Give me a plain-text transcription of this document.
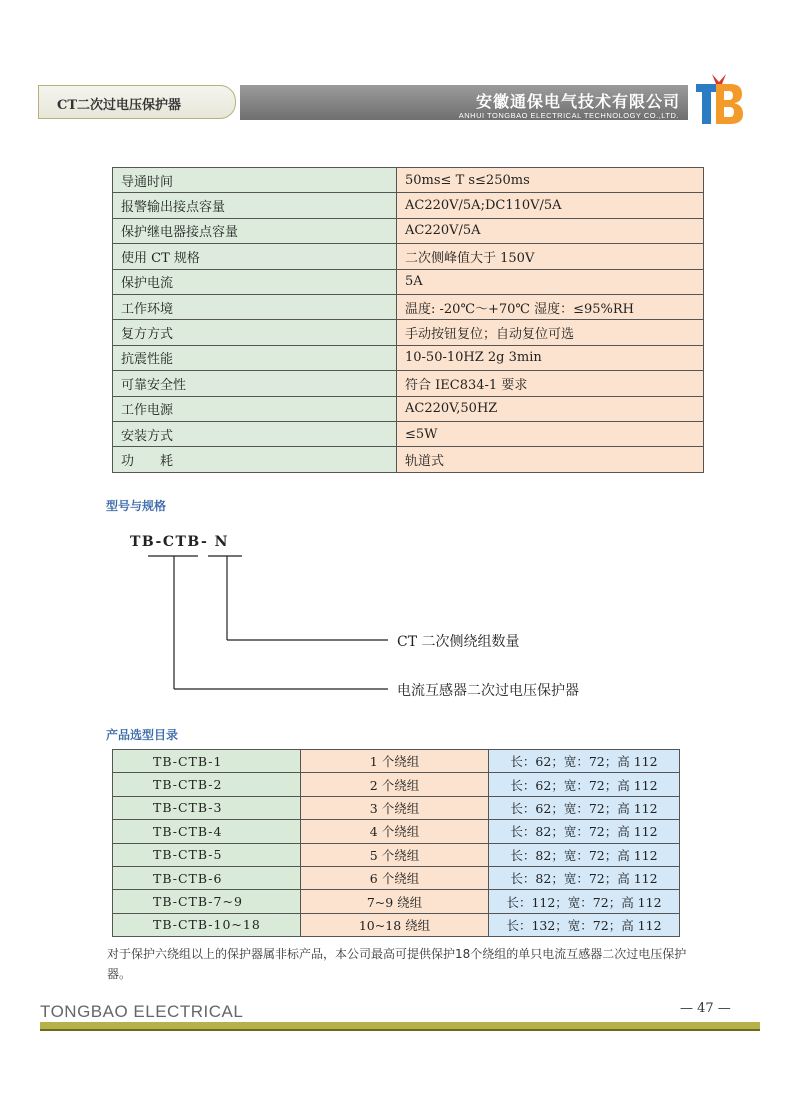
CT二次过电压保护器	安徽通保电气技术有限公司
ANHUI TONGBAO ELECTRICAL TECHNOLOGY CO.,LTD.
导通时间	50ms≤ T s≤250ms
报警输出接点容量	AC220V/5A;DC110V/5A
保护继电器接点容量	AC220V/5A
使用 CT 规格	二次侧峰值大于 150V
保护电流	5A
工作环境	温度: -20℃～+70℃ 湿度：≤95%RH
复方方式	手动按钮复位；自动复位可选
抗震性能	10-50-10HZ 2g 3min
可靠安全性	符合 IEC834-1 要求
工作电源	AC220V,50HZ
安装方式	≤5W
功　　耗	轨道式
型号与规格
TB-CTB- N
CT 二次侧绕组数量
电流互感器二次过电压保护器
产品选型目录
TB-CTB-1	1 个绕组	长：62；宽：72；高 112
TB-CTB-2	2 个绕组	长：62；宽：72；高 112
TB-CTB-3	3 个绕组	长：62；宽：72；高 112
TB-CTB-4	4 个绕组	长：82；宽：72；高 112
TB-CTB-5	5 个绕组	长：82；宽：72；高 112
TB-CTB-6	6 个绕组	长：82；宽：72；高 112
TB-CTB-7~9	7~9 绕组	长：112；宽：72；高 112
TB-CTB-10~18	10~18 绕组	长：132；宽：72；高 112
对于保护六绕组以上的保护器属非标产品，本公司最高可提供保护18个绕组的单只电流互感器二次过电压保护器。
TONGBAO ELECTRICAL	— 47 —
